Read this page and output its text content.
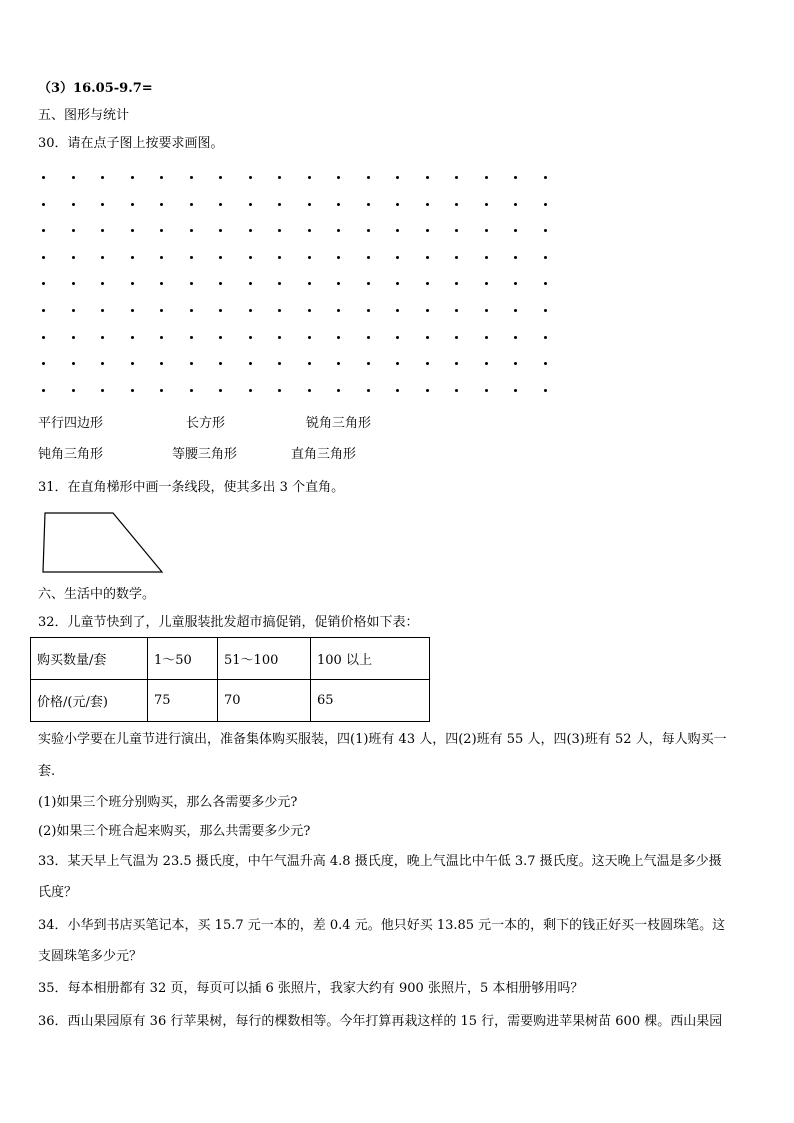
（3）16.05-9.7=
五、图形与统计
30．请在点子图上按要求画图。
平行四边形	长方形	锐角三角形
钝角三角形	等腰三角形	直角三角形
31．在直角梯形中画一条线段，使其多出 3 个直角。
六、生活中的数学。
32．儿童节快到了，儿童服装批发超市搞促销，促销价格如下表：
购买数量/套	1～50	51～100	100 以上
价格/(元/套)	75	70	65
实验小学要在儿童节进行演出，准备集体购买服装，四(1)班有 43 人，四(2)班有 55 人，四(3)班有 52 人，每人购买一
套.
(1)如果三个班分别购买，那么各需要多少元?
(2)如果三个班合起来购买，那么共需要多少元?
33．某天早上气温为 23.5 摄氏度，中午气温升高 4.8 摄氏度，晚上气温比中午低 3.7 摄氏度。这天晚上气温是多少摄
氏度？
34．小华到书店买笔记本，买 15.7 元一本的，差 0.4 元。他只好买 13.85 元一本的，剩下的钱正好买一枝圆珠笔。这
支圆珠笔多少元？
35．每本相册都有 32 页，每页可以插 6 张照片，我家大约有 900 张照片，5 本相册够用吗？
36．西山果园原有 36 行苹果树，每行的棵数相等。今年打算再栽这样的 15 行，需要购进苹果树苗 600 棵。西山果园
